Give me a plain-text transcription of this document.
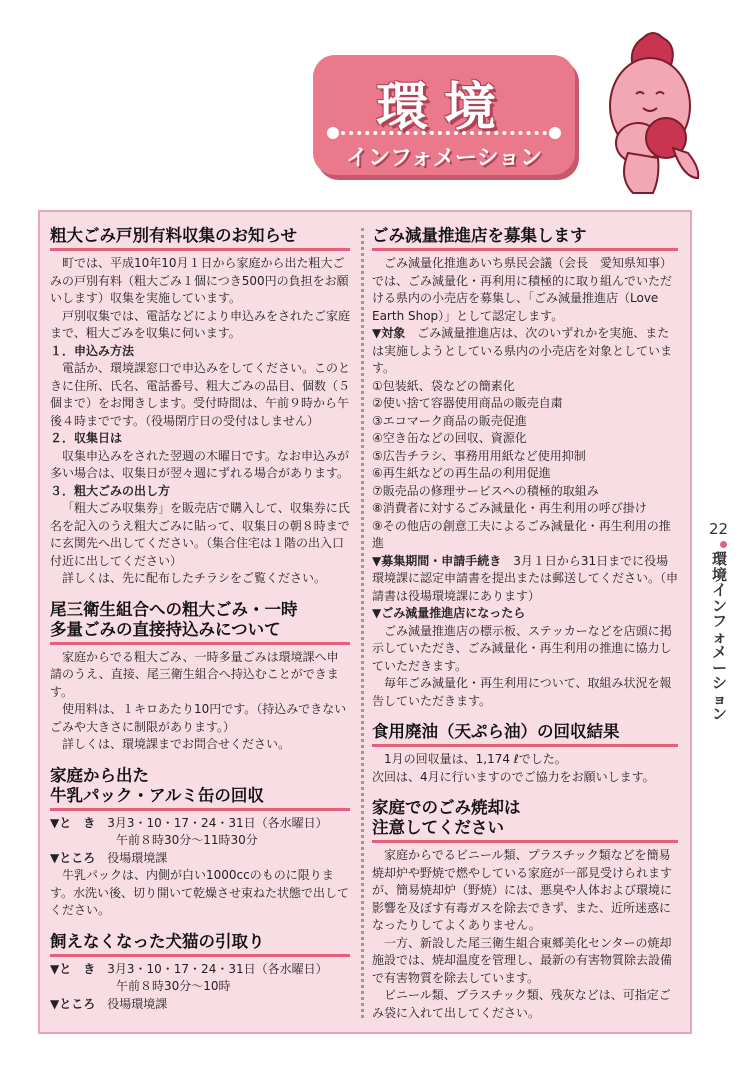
環境
インフォメーション
粗大ごみ戸別有料収集のお知らせ

町では、平成10年10月１日から家庭から出た粗大ごみの戸別有料（粗大ごみ１個につき500円の負担をお願いします）収集を実施しています。

戸別収集では、電話などにより申込みをされたご家庭まで、粗大ごみを収集に伺います。

１．申込み方法

電話か、環境課窓口で申込みをしてください。このときに住所、氏名、電話番号、粗大ごみの品目、個数（５個まで）をお聞きします。受付時間は、午前９時から午後４時までです。（役場閉庁日の受付はしません）

２．収集日は

収集申込みをされた翌週の木曜日です。なお申込みが多い場合は、収集日が翌々週にずれる場合があります。

３．粗大ごみの出し方

「粗大ごみ収集券」を販売店で購入して、収集券に氏名を記入のうえ粗大ごみに貼って、収集日の朝８時までに玄関先へ出してください。（集合住宅は１階の出入口付近に出してください）

詳しくは、先に配布したチラシをご覧ください。

尾三衛生組合への粗大ごみ・一時
多量ごみの直接持込みについて

家庭からでる粗大ごみ、一時多量ごみは環境課へ申請のうえ、直接、尾三衛生組合へ持込むことができます。

使用料は、１キロあたり10円です。（持込みできないごみや大きさに制限があります。）

詳しくは、環境課までお問合せください。

家庭から出た
牛乳パック・アルミ缶の回収

▼と　き　 3月3・10・17・24・31日（各水曜日）

午前８時30分〜11時30分

▼ところ　 役場環境課

牛乳パックは、内側が白い1000ccのものに限ります。水洗い後、切り開いて乾燥させ束ねた状態で出してください。

飼えなくなった犬猫の引取り

▼と　き　 3月3・10・17・24・31日（各水曜日）

午前８時30分〜10時

▼ところ　 役場環境課

ごみ減量推進店を募集します

ごみ減量化推進あいち県民会議（会長　愛知県知事）では、ごみ減量化・再利用に積極的に取り組んでいただける県内の小売店を募集し、「ごみ減量推進店（Love Earth Shop）」として認定します。

▼対象　 ごみ減量推進店は、次のいずれかを実施、または実施しようとしている県内の小売店を対象としています。

①包装紙、袋などの簡素化

②使い捨て容器使用商品の販売自粛

③エコマーク商品の販売促進

④空き缶などの回収、資源化

⑤広告チラシ、事務用用紙など使用抑制

⑥再生紙などの再生品の利用促進

⑦販売品の修理サービスへの積極的取組み

⑧消費者に対するごみ減量化・再生利用の呼び掛け

⑨その他店の創意工夫によるごみ減量化・再生利用の推進

▼募集期間・申請手続き　 3月１日から31日までに役場環境課に認定申請書を提出または郵送してください。（申請書は役場環境課にあります）

▼ごみ減量推進店になったら

ごみ減量推進店の標示板、ステッカーなどを店頭に掲示していただき、ごみ減量化・再生利用の推進に協力していただきます。

毎年ごみ減量化・再生利用について、取組み状況を報告していただきます。

食用廃油（天ぷら油）の回収結果

1月の回収量は、1,174 ℓでした。

次回は、4月に行いますのでご協力をお願いします。

家庭でのごみ焼却は
注意してください

家庭からでるビニール類、プラスチック類などを簡易焼却炉や野焼で燃やしている家庭が一部見受けられますが、簡易焼却炉（野焼）には、悪臭や人体および環境に影響を及ぼす有毒ガスを除去できず、また、近所迷惑になったりしてよくありません。

一方、新設した尾三衛生組合東郷美化センターの焼却施設では、焼却温度を管理し、最新の有害物質除去設備で有害物質を除去しています。

ビニール類、プラスチック類、残灰などは、可指定ごみ袋に入れて出してください。

22
環境インフォメーション
